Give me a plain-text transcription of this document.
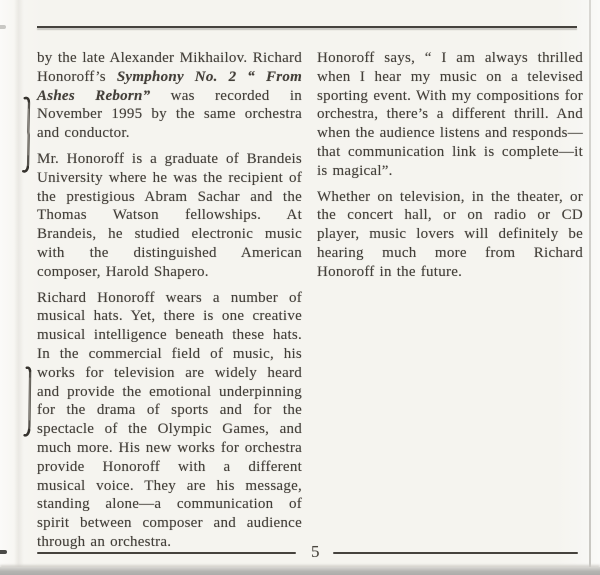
by the late Alexander Mikhailov. Richard Honoroff’s Symphony No. 2 “ From Ashes Reborn” was recorded in November 1995 by the same orchestra and conductor.

Mr. Honoroff is a graduate of Brandeis University where he was the recipient of the prestigious Abram Sachar and the Thomas Watson fellowships. At Brandeis, he studied electronic music with the distinguished American composer, Harold Shapero.

Richard Honoroff wears a number of musical hats. Yet, there is one creative musical intelligence beneath these hats. In the commercial field of music, his works for television are widely heard and provide the emotional underpinning for the drama of sports and for the spectacle of the Olympic Games, and much more. His new works for orchestra provide Honoroff with a different musical voice. They are his message, standing alone—a communication of spirit between composer and audience through an orchestra.

Honoroff says, “ I am always thrilled when I hear my music on a televised sporting event. With my compositions for orchestra, there’s a different thrill. And when the audience listens and responds—that communication link is complete—it is magical”.

Whether on television, in the theater, or the concert hall, or on radio or CD player, music lovers will definitely be hearing much more from Richard Honoroff in the future.

5
